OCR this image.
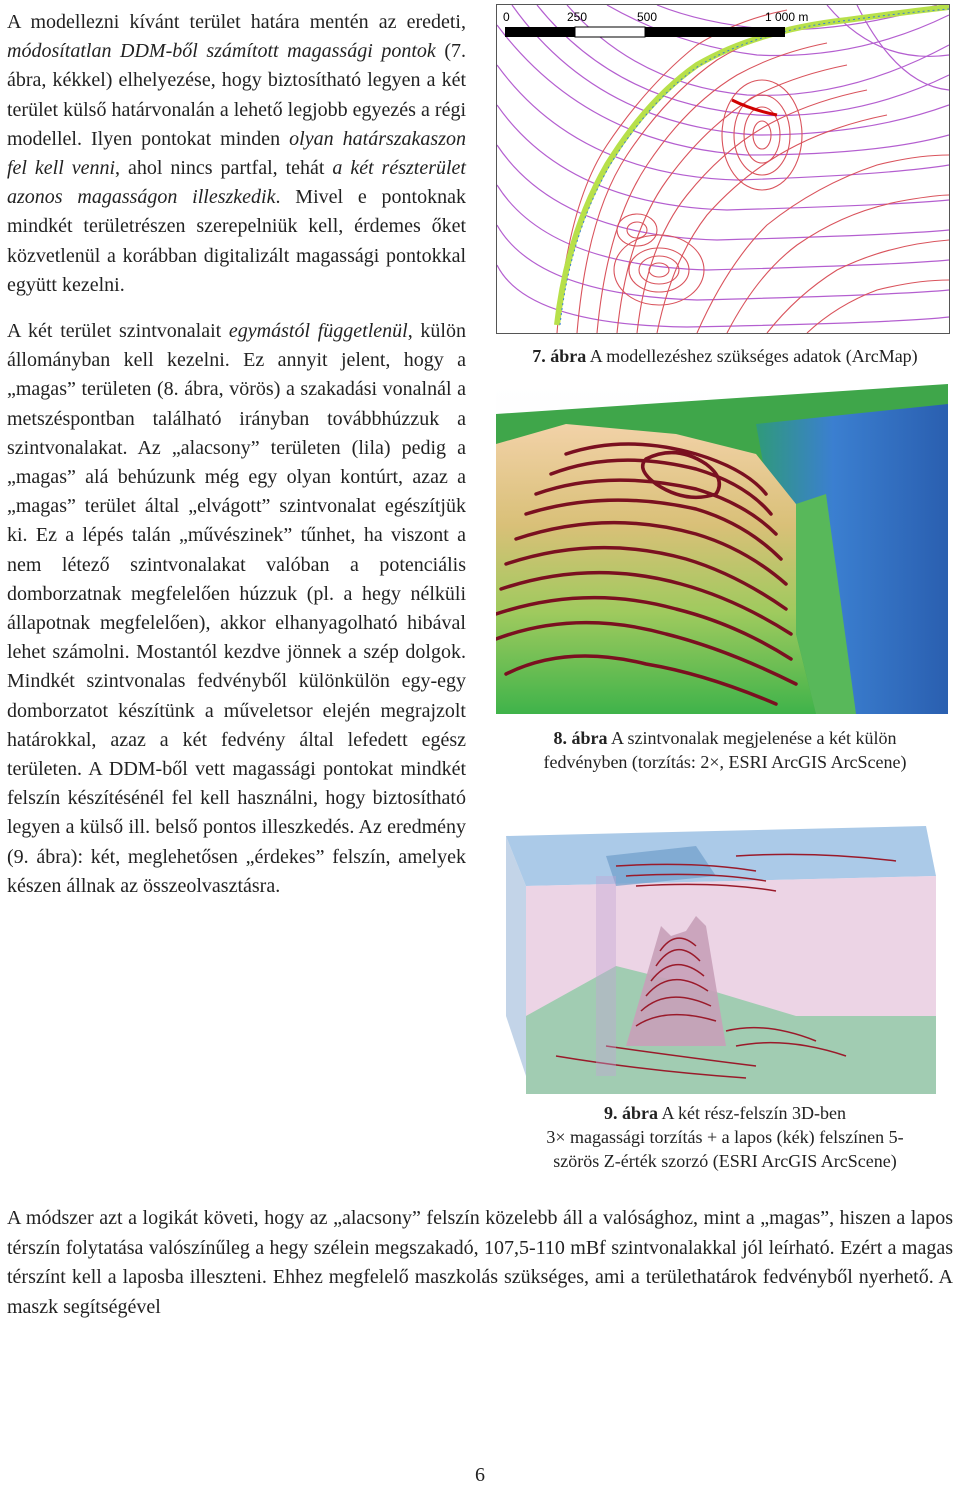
A modellezni kívánt terület határa mentén az eredeti, módosítatlan DDM-ből számított magassági pontok (7. ábra, kékkel) elhelyezése, hogy biztosítható legyen a két terület külső határvonalán a lehető legjobb egyezés a régi modellel. Ilyen pontokat minden olyan határszakaszon fel kell venni, ahol nincs partfal, tehát a két részterület azonos magasságon illeszkedik. Mivel e pontoknak mindkét területrészen szerepelniük kell, érdemes őket közvetlenül a korábban digitalizált magassági pontokkal együtt kezelni.

A két terület szintvonalait egymástól függetlenül, külön állományban kell kezelni. Ez annyit jelent, hogy a „magas” területen (8. ábra, vörös) a szakadási vonalnál a metszéspontban található irányban továbbhúzzuk a szintvonalakat. Az „alacsony” területen (lila) pedig a „magas” alá behúzunk még egy olyan kontúrt, azaz a „magas” terület által „elvágott” szintvonalat egészítjük ki. Ez a lépés talán „művészinek” tűnhet, ha viszont a nem létező szintvonalakat valóban a potenciális domborzatnak megfelelően húzzuk (pl. a hegy nélküli állapotnak megfelelően), akkor elhanyagolható hibával lehet számolni. Mostantól kezdve jönnek a szép dolgok. Mindkét szintvonalas fedvényből különkülön egy-egy domborzatot készítünk a műveletsor elején megrajzolt határokkal, azaz a két fedvény által lefedett egész területen. A DDM-ből vett magassági pontokat mindkét felszín készítésénél fel kell használni, hogy biztosítható legyen a külső ill. belső pontos illeszkedés. Az eredmény (9. ábra): két, meglehetősen „érdekes” felszín, amelyek készen állnak az összeolvasztásra.

0	250	500	1 000 m
7. ábra A modellezéshez szükséges adatok (ArcMap)
8. ábra A szintvonalak megjelenése a két külön
fedvényben (torzítás: 2×, ESRI ArcGIS ArcScene)
9. ábra A két rész-felszín 3D-ben
3× magassági torzítás + a lapos (kék) felszínen 5-
szörös Z-érték szorzó (ESRI ArcGIS ArcScene)

A módszer azt a logikát követi, hogy az „alacsony” felszín közelebb áll a valósághoz, mint a „magas”, hiszen a lapos térszín folytatása valószínűleg a hegy szélein megszakadó, 107,5-110 mBf szintvonalakkal jól leírható. Ezért a magas térszínt kell a laposba illeszteni. Ehhez megfelelő maszkolás szükséges, ami a területhatárok fedvényből nyerhető. A maszk segítségével

6
